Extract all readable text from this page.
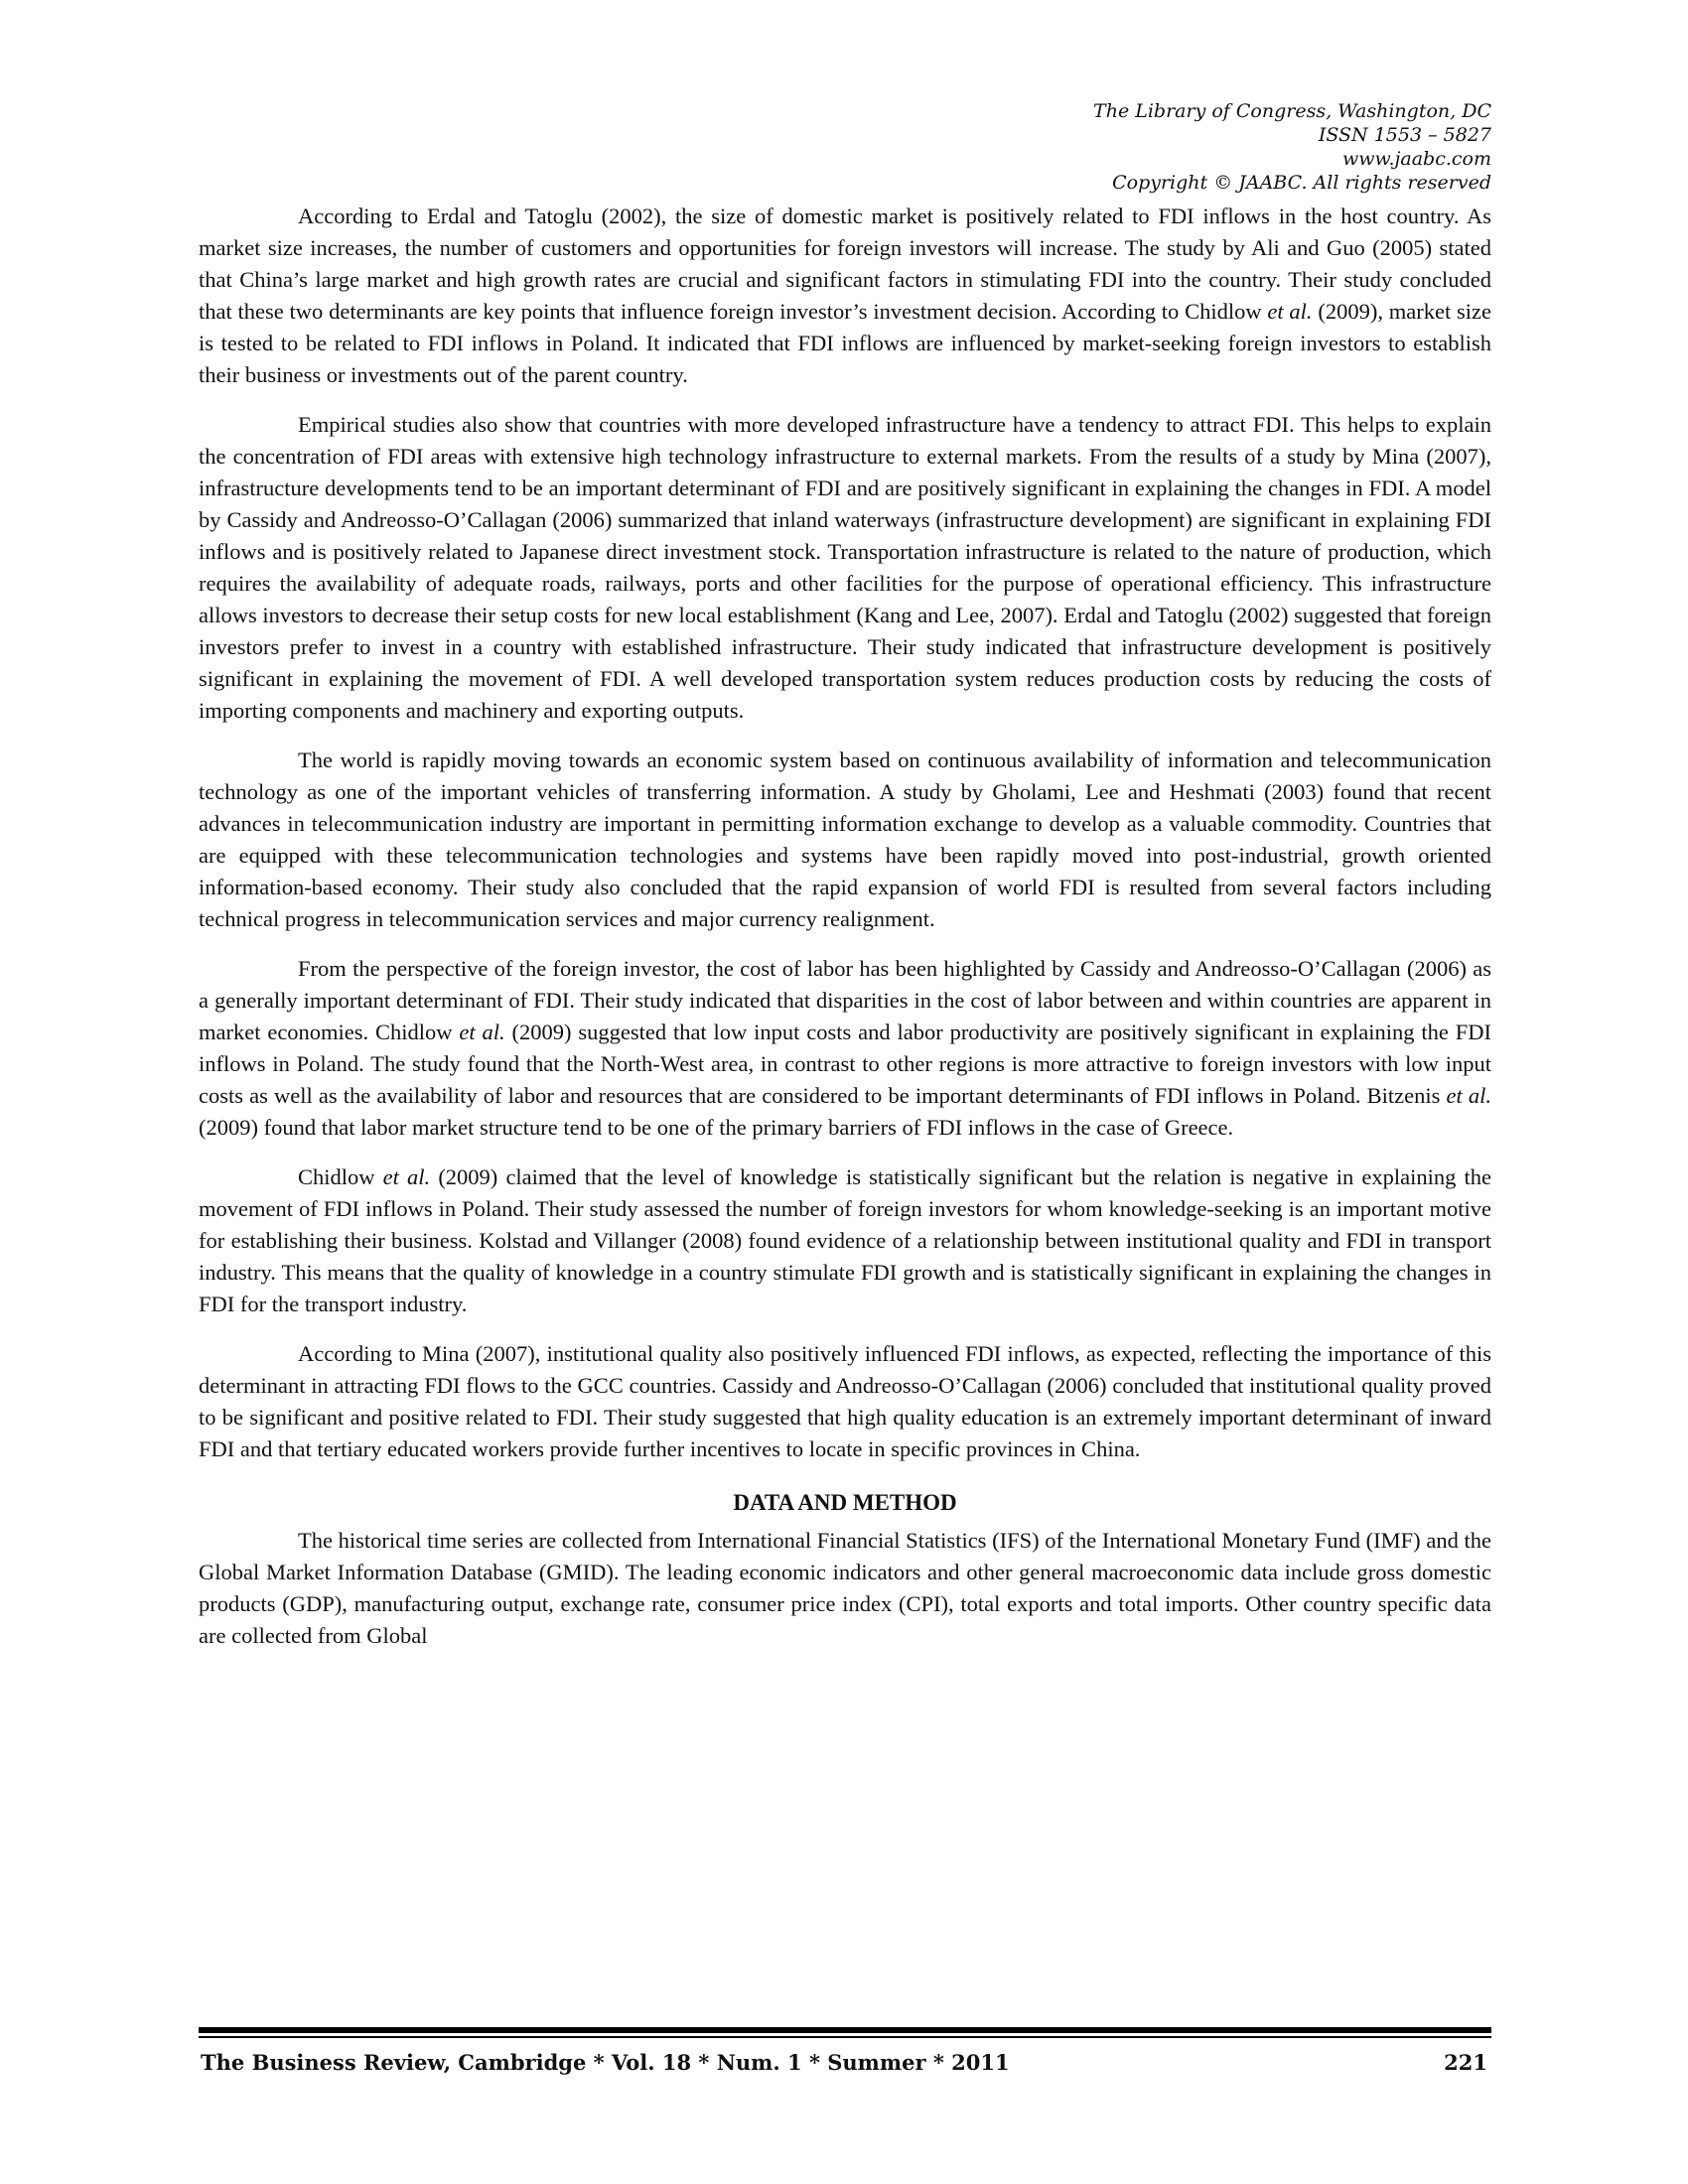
The Library of Congress, Washington, DC
ISSN 1553 – 5827
www.jaabc.com
Copyright © JAABC. All rights reserved

According to Erdal and Tatoglu (2002), the size of domestic market is positively related to FDI inflows in the host country. As market size increases, the number of customers and opportunities for foreign investors will increase. The study by Ali and Guo (2005) stated that China’s large market and high growth rates are crucial and significant factors in stimulating FDI into the country. Their study concluded that these two determinants are key points that influence foreign investor’s investment decision. According to Chidlow et al. (2009), market size is tested to be related to FDI inflows in Poland. It indicated that FDI inflows are influenced by market-seeking foreign investors to establish their business or investments out of the parent country.

Empirical studies also show that countries with more developed infrastructure have a tendency to attract FDI. This helps to explain the concentration of FDI areas with extensive high technology infrastructure to external markets. From the results of a study by Mina (2007), infrastructure developments tend to be an important determinant of FDI and are positively significant in explaining the changes in FDI. A model by Cassidy and Andreosso-O’Callagan (2006) summarized that inland waterways (infrastructure development) are significant in explaining FDI inflows and is positively related to Japanese direct investment stock. Transportation infrastructure is related to the nature of production, which requires the availability of adequate roads, railways, ports and other facilities for the purpose of operational efficiency. This infrastructure allows investors to decrease their setup costs for new local establishment (Kang and Lee, 2007). Erdal and Tatoglu (2002) suggested that foreign investors prefer to invest in a country with established infrastructure. Their study indicated that infrastructure development is positively significant in explaining the movement of FDI. A well developed transportation system reduces production costs by reducing the costs of importing components and machinery and exporting outputs.

The world is rapidly moving towards an economic system based on continuous availability of information and telecommunication technology as one of the important vehicles of transferring information. A study by Gholami, Lee and Heshmati (2003) found that recent advances in telecommunication industry are important in permitting information exchange to develop as a valuable commodity. Countries that are equipped with these telecommunication technologies and systems have been rapidly moved into post-industrial, growth oriented information-based economy. Their study also concluded that the rapid expansion of world FDI is resulted from several factors including technical progress in telecommunication services and major currency realignment.

From the perspective of the foreign investor, the cost of labor has been highlighted by Cassidy and Andreosso-O’Callagan (2006) as a generally important determinant of FDI. Their study indicated that disparities in the cost of labor between and within countries are apparent in market economies. Chidlow et al. (2009) suggested that low input costs and labor productivity are positively significant in explaining the FDI inflows in Poland. The study found that the North-West area, in contrast to other regions is more attractive to foreign investors with low input costs as well as the availability of labor and resources that are considered to be important determinants of FDI inflows in Poland. Bitzenis et al. (2009) found that labor market structure tend to be one of the primary barriers of FDI inflows in the case of Greece.

Chidlow et al. (2009) claimed that the level of knowledge is statistically significant but the relation is negative in explaining the movement of FDI inflows in Poland. Their study assessed the number of foreign investors for whom knowledge-seeking is an important motive for establishing their business. Kolstad and Villanger (2008) found evidence of a relationship between institutional quality and FDI in transport industry. This means that the quality of knowledge in a country stimulate FDI growth and is statistically significant in explaining the changes in FDI for the transport industry.

According to Mina (2007), institutional quality also positively influenced FDI inflows, as expected, reflecting the importance of this determinant in attracting FDI flows to the GCC countries. Cassidy and Andreosso-O’Callagan (2006) concluded that institutional quality proved to be significant and positive related to FDI. Their study suggested that high quality education is an extremely important determinant of inward FDI and that tertiary educated workers provide further incentives to locate in specific provinces in China.

DATA AND METHOD

The historical time series are collected from International Financial Statistics (IFS) of the International Monetary Fund (IMF) and the Global Market Information Database (GMID). The leading economic indicators and other general macroeconomic data include gross domestic products (GDP), manufacturing output, exchange rate, consumer price index (CPI), total exports and total imports. Other country specific data are collected from Global

The Business Review, Cambridge * Vol. 18 * Num. 1 * Summer * 2011	221
